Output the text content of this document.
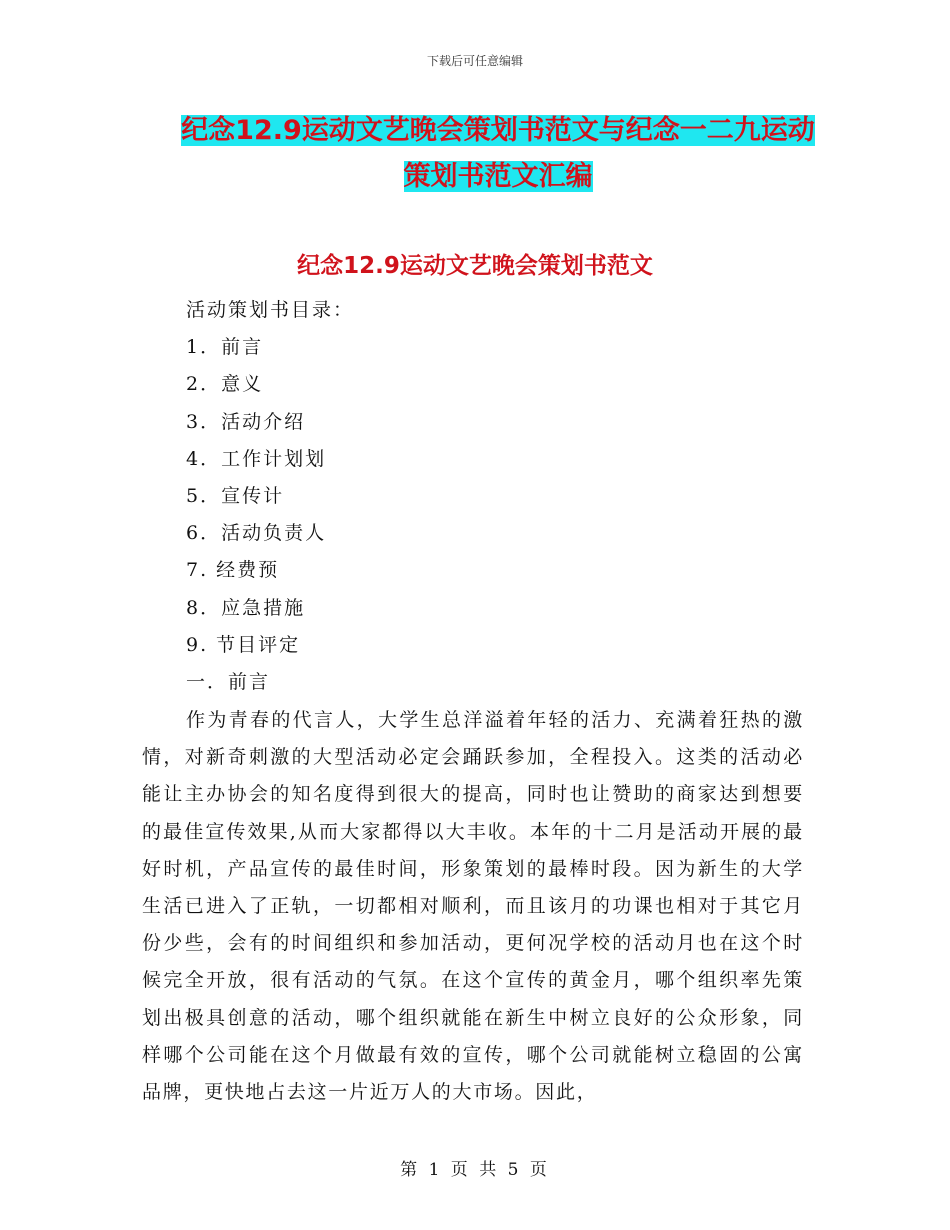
下载后可任意编辑
纪念12.9运动文艺晚会策划书范文与纪念一二九运动
策划书范文汇编
纪念12.9运动文艺晚会策划书范文
活动策划书目录：
1．前言
2．意义
3．活动介绍
4．工作计划划
5．宣传计
6．活动负责人
7. 经费预
8．应急措施
9. 节目评定
一．前言

作为青春的代言人，大学生总洋溢着年轻的活力、充满着狂热的激情，对新奇刺激的大型活动必定会踊跃参加，全程投入。这类的活动必能让主办协会的知名度得到很大的提高，同时也让赞助的商家达到想要的最佳宣传效果,从而大家都得以大丰收。本年的十二月是活动开展的最好时机，产品宣传的最佳时间，形象策划的最棒时段。因为新生的大学生活已进入了正轨，一切都相对顺利，而且该月的功课也相对于其它月份少些，会有的时间组织和参加活动，更何况学校的活动月也在这个时候完全开放，很有活动的气氛。在这个宣传的黄金月，哪个组织率先策划出极具创意的活动，哪个组织就能在新生中树立良好的公众形象，同样哪个公司能在这个月做最有效的宣传，哪个公司就能树立稳固的公寓品牌，更快地占去这一片近万人的大市场。因此，

第 1 页 共 5 页
